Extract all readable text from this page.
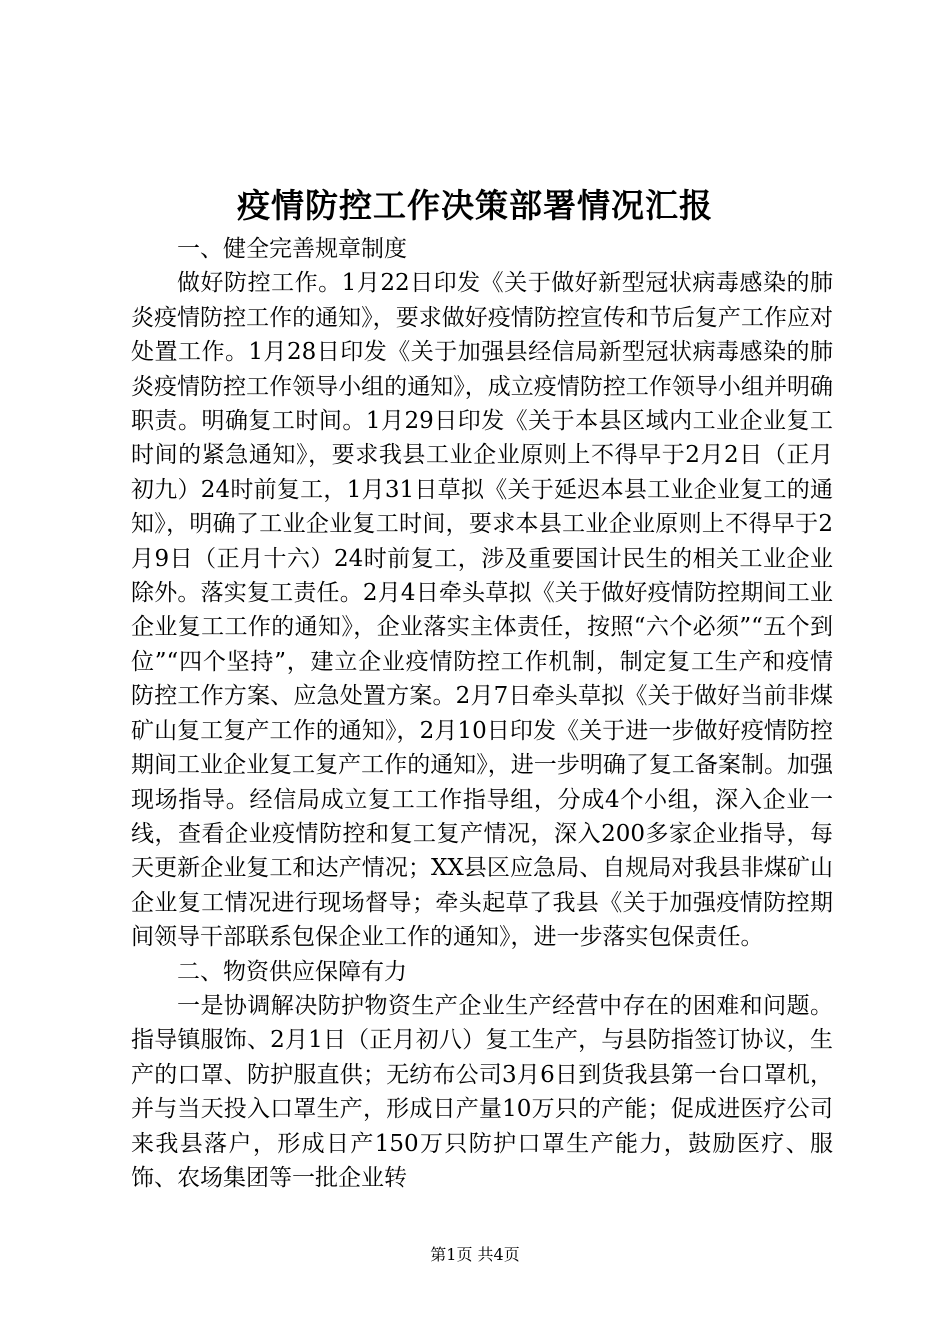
疫情防控工作决策部署情况汇报

一、健全完善规章制度

做好防控工作。1月22日印发《关于做好新型冠状病毒感染的肺炎疫情防控工作的通知》，要求做好疫情防控宣传和节后复产工作应对处置工作。1月28日印发《关于加强县经信局新型冠状病毒感染的肺炎疫情防控工作领导小组的通知》，成立疫情防控工作领导小组并明确职责。明确复工时间。1月29日印发《关于本县区域内工业企业复工时间的紧急通知》，要求我县工业企业原则上不得早于2月2日（正月初九）24时前复工，1月31日草拟《关于延迟本县工业企业复工的通知》，明确了工业企业复工时间，要求本县工业企业原则上不得早于2月9日（正月十六）24时前复工，涉及重要国计民生的相关工业企业除外。落实复工责任。2月4日牵头草拟《关于做好疫情防控期间工业企业复工工作的通知》，企业落实主体责任，按照“六个必须”“五个到位”“四个坚持”，建立企业疫情防控工作机制，制定复工生产和疫情防控工作方案、应急处置方案。2月7日牵头草拟《关于做好当前非煤矿山复工复产工作的通知》，2月10日印发《关于进一步做好疫情防控期间工业企业复工复产工作的通知》，进一步明确了复工备案制。加强现场指导。经信局成立复工工作指导组，分成4个小组，深入企业一线，查看企业疫情防控和复工复产情况，深入200多家企业指导，每天更新企业复工和达产情况；XX县区应急局、自规局对我县非煤矿山企业复工情况进行现场督导；牵头起草了我县《关于加强疫情防控期间领导干部联系包保企业工作的通知》，进一步落实包保责任。

二、物资供应保障有力

一是协调解决防护物资生产企业生产经营中存在的困难和问题。指导镇服饰、2月1日（正月初八）复工生产，与县防指签订协议，生产的口罩、防护服直供；无纺布公司3月6日到货我县第一台口罩机，并与当天投入口罩生产，形成日产量10万只的产能；促成进医疗公司来我县落户，形成日产150万只防护口罩生产能力，鼓励医疗、服饰、农场集团等一批企业转

第1页 共4页
